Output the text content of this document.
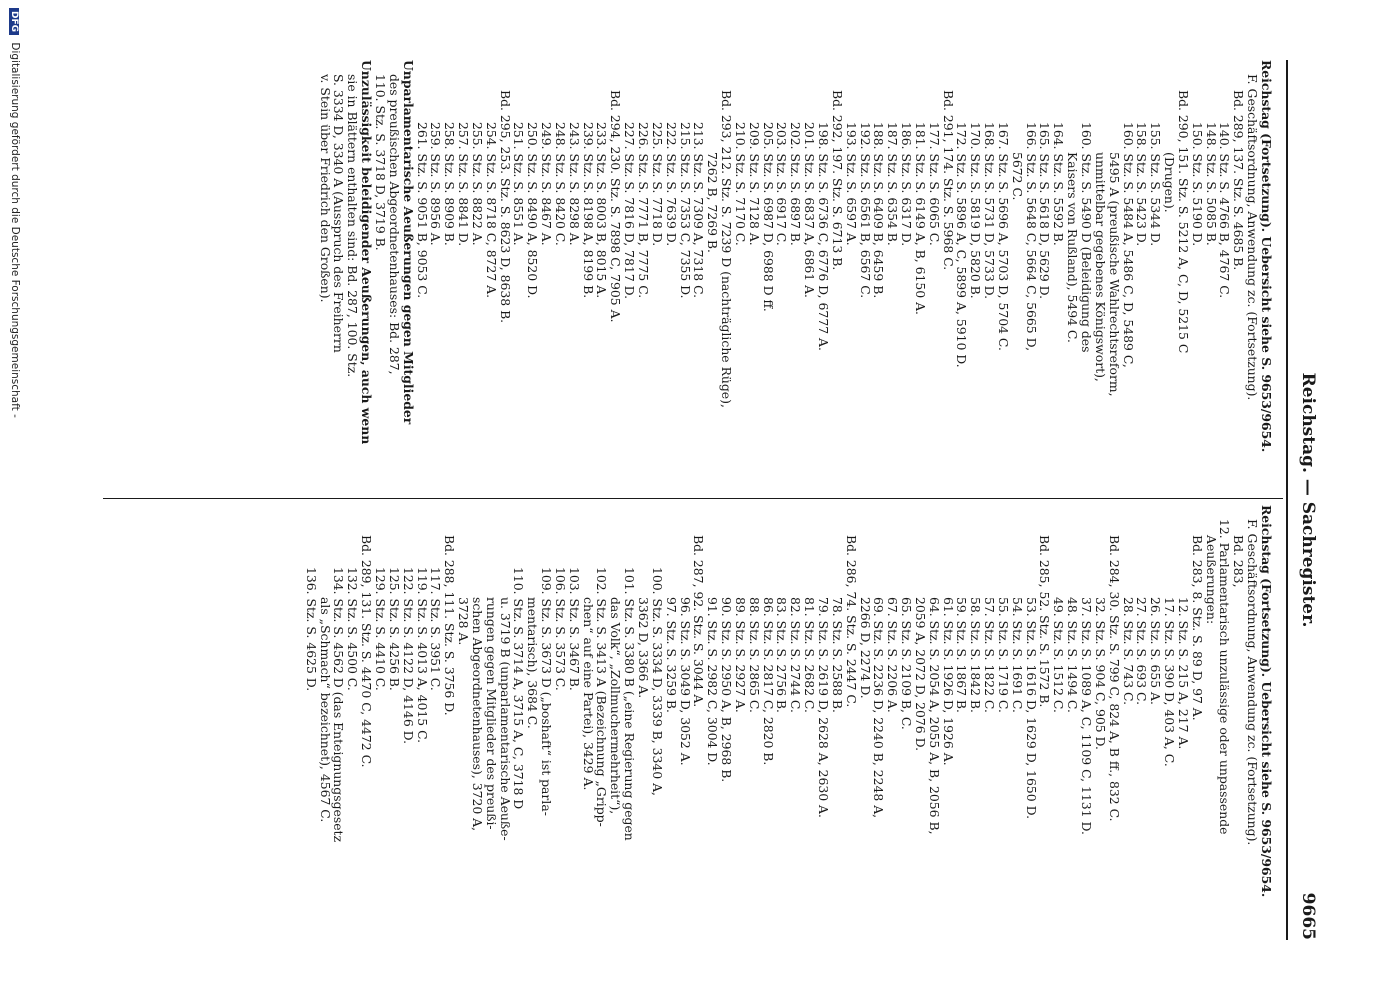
Reichstag. — Sachregister.
9665
Reichstag (Fortsetzung). Uebersicht siehe S. 9653/9654.
F. Geschäftsordnung, Anwendung zc. (Fortsetzung).
Bd. 283,
12. Parlamentarisch unzulässige oder unpassende
Aeußerungen:
Bd. 283, 8. Stz. S. 89 D, 97 A.
12. Stz. S. 215 A, 217 A.
17. Stz. S. 390 D, 403 A, C.
26. Stz. S. 655 A.
27. Stz. S. 693 C.
28. Stz. S. 743 C.
Bd. 284, 30. Stz. S. 799 C, 824 A, B ff., 832 C.
32. Stz. S. 904 C, 905 D.
37. Stz. S. 1089 A, C, 1109 C, 1131 D.
48. Stz. S. 1494 C.
49. Stz. S. 1512 C.
Bd. 285, 52. Stz. S. 1572 B.
53. Stz. S. 1616 D, 1629 D, 1650 D.
54. Stz. S. 1691 C.
55. Stz. S. 1719 C.
57. Stz. S. 1822 C.
58. Stz. S. 1842 B.
59. Stz. S. 1867 B.
61. Stz. S. 1926 D, 1926 A.
64. Stz. S. 2054 A, 2055 A, B, 2056 B,
2059 A, 2072 D, 2076 D.
65. Stz. S. 2109 B, C.
67. Stz. S. 2206 A.
69. Stz. S. 2236 D, 2240 B, 2248 A,
2266 D, 2274 D.
Bd. 286, 74. Stz. S. 2447 C.
78. Stz. S. 2588 B.
79. Stz. S. 2619 D, 2628 A, 2630 A.
81. Stz. S. 2682 C.
82. Stz. S. 2744 C.
83. Stz. S. 2756 B.
86. Stz. S. 2817 C, 2820 B.
88. Stz. S. 2865 C.
89. Stz. S. 2927 A.
90. Stz. S. 2950 A, B, 2968 B.
91. Stz. S. 2982 C, 3004 D.
Bd. 287, 92. Stz. S. 3044 A.
96. Stz. S. 3049 D, 3052 A.
97. Stz. S. 3259 B.
100. Stz. S. 3334 D, 3339 B, 3340 A,
3362 D, 3366 A.
101. Stz. S. 3380 B („eine Regierung gegen
das Volk“, „Zollmuchermehrheit“),
102. Stz. S. 3413 A (Bezeichnung „Gripp-
chen“ auf eine Partei), 3429 A.
103. Stz. S. 3467 B.
106. Stz. S. 3573 C.
109. Stz. S. 3673 D („boshaft“ ist parla-
mentarisch), 3684 C.
110. Stz. S. 3714 A, 3715 A, C, 3718 D
u. 3719 B (unparlamentarische Aeuße-
rungen gegen Mitglieder des preußi-
schen Abgeordnetenhauses), 3720 A,
3728 A.
Bd. 288, 111. Stz. S. 3756 D.
117. Stz. S. 3951 C.
119. Stz. S. 4013 A, 4015 C.
122. Stz. S. 4122 D, 4146 D.
125. Stz. S. 4256 B.
129. Stz. S. 4410 C.
Bd. 289, 131. Stz. S. 4470 C, 4472 C.
132. Stz. S. 4500 C.
134. Stz. S. 4562 D (das Enteignungsgesetz
als „Schmach“ bezeichnet), 4567 C.
136. Stz. S. 4625 D.
Reichstag (Fortsetzung). Uebersicht siehe S. 9653/9654.
F. Geschäftsordnung, Anwendung zc. (Fortsetzung).
Bd. 289, 137. Stz. S. 4685 B.
140. Stz. S. 4766 B, 4767 C.
148. Stz. S. 5085 B.
150. Stz. S. 5190 D.
Bd. 290, 151. Stz. S. 5212 A, C, D, 5215 C
(Drugen).
155. Stz. S. 5344 D.
158. Stz. S. 5423 D.
160. Stz. S. 5484 A, 5486 C, D, 5489 C,
5495 A (preußische Wahlrechtsreform,
unmittelbar gegebenes Königswort),
160. Stz. S. 5490 D (Beleidigung des
Kaisers von Rußland), 5494 C.
164. Stz. S. 5592 B.
165. Stz. S. 5618 D, 5629 D.
166. Stz. S. 5648 C, 5664 C, 5665 D,
5672 C.
167. Stz. S. 5696 A, 5703 D, 5704 C.
168. Stz. S. 5731 D, 5733 D.
170. Stz. S. 5819 D, 5820 B.
172. Stz. S. 5896 A, C, 5899 A, 5910 D.
Bd. 291, 174. Stz. S. 5968 C.
177. Stz. S. 6065 C.
181. Stz. S. 6149 A, B, 6150 A.
186. Stz. S. 6317 D.
187. Stz. S. 6354 B.
188. Stz. S. 6409 B, 6459 B.
192. Stz. S. 6561 B, 6567 C.
193. Stz. S. 6597 A.
Bd. 292, 197. Stz. S. 6713 B.
198. Stz. S. 6736 C, 6776 D, 6777 A.
201. Stz. S. 6837 A, 6861 A.
202. Stz. S. 6897 B.
203. Stz. S. 6917 C.
205. Stz. S. 6987 D, 6988 D ff.
209. Stz. S. 7128 A.
210. Stz. S. 7170 C.
Bd. 293, 212. Stz. S. 7239 D (nachträgliche Rüge),
7262 B, 7269 B.
213. Stz. S. 7309 A, 7318 C.
215. Stz. S. 7353 C, 7355 D.
222. Stz. S. 7639 D.
225. Stz. S. 7718 D.
226. Stz. S. 7771 B, 7775 C.
227. Stz. S. 7816 D, 7817 D.
Bd. 294, 230. Stz. S. 7898 C, 7905 A.
233. Stz. S. 8003 B, 8015 A.
239. Stz. S. 8198 A, 8199 B.
243. Stz. S. 8298 A.
248. Stz. S. 8420 C.
249. Stz. S. 8467 A.
250. Stz. S. 8490 A, 8520 D.
251. Stz. S. 8551 A.
Bd. 295, 253. Stz. S. 8623 D, 8638 B.
254. Stz. S. 8718 C, 8727 A.
255. Stz. S. 8822 A.
257. Stz. S. 8841 D.
258. Stz. S. 8909 B.
259. Stz. S. 8956 A.
261. Stz. S. 9051 B, 9053 C.
Unparlamentarische Aeußerungen gegen Mitglieder
des preußischen Abgeordnetenhauses: Bd. 287,
110. Stz. S. 3718 D, 3719 B.
Unzulässigkeit beleidigender Aeußerungen, auch wenn
sie in Blättern enthalten sind: Bd. 287, 100. Stz.
S. 3334 D, 3340 A (Ausspruch des Freiherrn
v. Stein über Friedrich den Großen).
DFG Digitalisierung gefördert durch die Deutsche Forschungsgemeinschaft -
